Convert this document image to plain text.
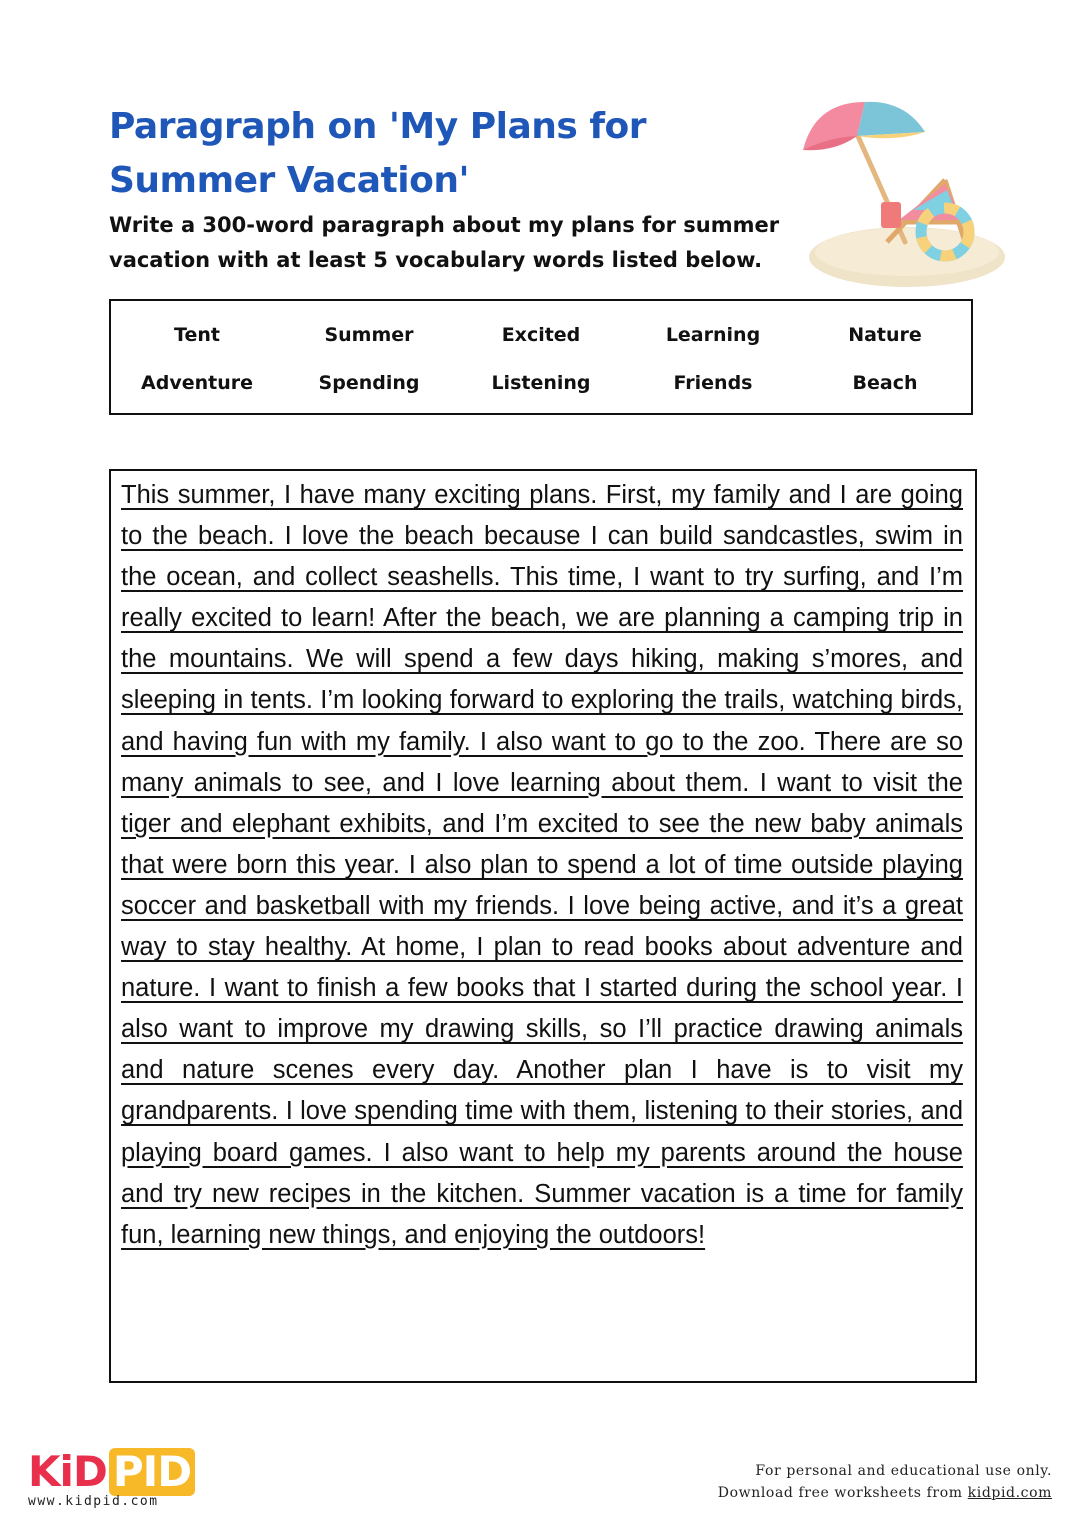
Paragraph on 'My Plans for Summer Vacation'
Write a 300-word paragraph about my plans for summer vacation with at least 5 vocabulary words listed below.
Tent	Summer	Excited	Learning	Nature
Adventure	Spending	Listening	Friends	Beach
This summer, I have many exciting plans. First, my family and I are going to the beach. I love the beach because I can build sandcastles, swim in the ocean, and collect seashells. This time, I want to try surfing, and I’m really excited to learn! After the beach, we are planning a camping trip in the mountains. We will spend a few days hiking, making s’mores, and sleeping in tents. I’m looking forward to exploring the trails, watching birds, and having fun with my family. I also want to go to the zoo. There are so many animals to see, and I love learning about them. I want to visit the tiger and elephant exhibits, and I’m excited to see the new baby animals that were born this year. I also plan to spend a lot of time outside playing soccer and basketball with my friends. I love being active, and it’s a great way to stay healthy. At home, I plan to read books about adventure and nature. I want to finish a few books that I started during the school year. I also want to improve my drawing skills, so I’ll practice drawing animals and nature scenes every day. Another plan I have is to visit my grandparents. I love spending time with them, listening to their stories, and playing board games. I also want to help my parents around the house and try new recipes in the kitchen. Summer vacation is a time for family fun, learning new things, and enjoying the outdoors!
KiD PID
www.kidpid.com
For personal and educational use only.
Download free worksheets from kidpid.com
